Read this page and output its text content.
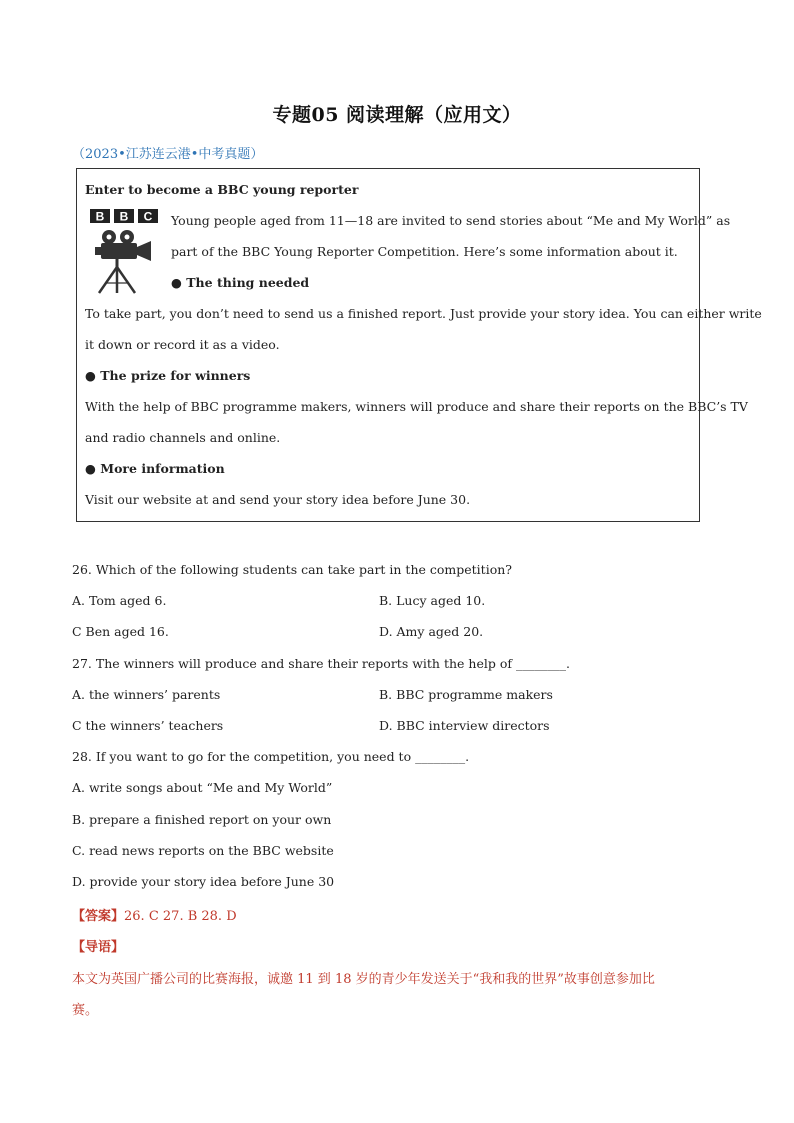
专题05 阅读理解（应用文）
（2023•江苏连云港•中考真题）
Enter to become a BBC young reporter
B B C Young people aged from 11—18 are invited to send stories about “Me and My World” as
part of the BBC Young Reporter Competition. Here’s some information about it.
● The thing needed
To take part, you don’t need to send us a finished report. Just provide your story idea. You can either write
it down or record it as a video.
● The prize for winners
With the help of BBC programme makers, winners will produce and share their reports on the BBC’s TV
and radio channels and online.
● More information
Visit our website at and send your story idea before June 30.
26. Which of the following students can take part in the competition?
A. Tom aged 6.	B. Lucy aged 10.
C Ben aged 16.	D. Amy aged 20.
27. The winners will produce and share their reports with the help of ________.
A. the winners’ parents	B. BBC programme makers
C the winners’ teachers	D. BBC interview directors
28. If you want to go for the competition, you need to ________.
A. write songs about “Me and My World”
B. prepare a finished report on your own
C. read news reports on the BBC website
D. provide your story idea before June 30
【答案】26. C 27. B 28. D
【导语】
本文为英国广播公司的比赛海报，诚邀 11 到 18 岁的青少年发送关于“我和我的世界”故事创意参加比
赛。
